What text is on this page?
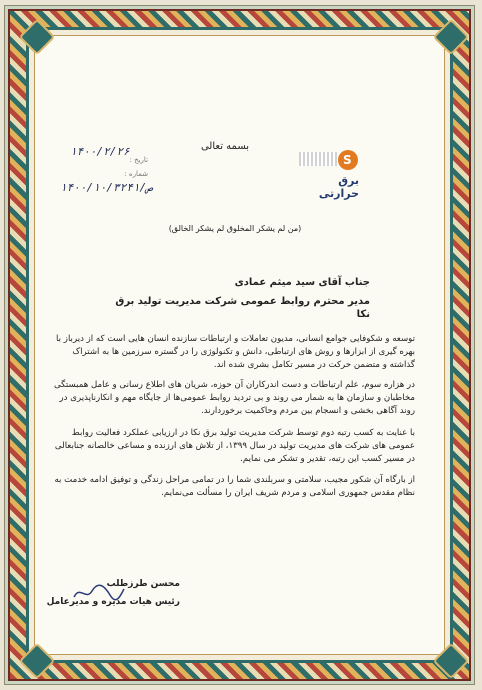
بسمه تعالی
۱۴۰۰/۲/۲۶
تاریخ :
شماره :
۱۴۰۰/ص/۱۰/۳۲۴۱
S
برق حرارتی
(من لم یشکر المخلوق لم یشکر الخالق)
جناب آقای سید میثم عمادی
مدیر محترم روابط عمومی شرکت مدیریت تولید برق نکا
توسعه و شکوفایی جوامع انسانی، مدیون تعاملات و ارتباطات سازنده انسان هایی است که از دیرباز با بهره گیری از ابزارها و روش های ارتباطی، دانش و تکنولوژی را در گستره سرزمین ها به اشتراک گذاشته و متضمن حرکت در مسیر تکامل بشری شده اند.
در هزاره سوم، علم ارتباطات و دست اندرکاران آن حوزه، شریان های اطلاع رسانی و عامل همبستگی مخاطبان و سازمان ها به شمار می روند و بی تردید روابط عمومی‌ها از جایگاه مهم و انکارناپذیری در روند آگاهی بخشی و انسجام بین مردم وحاکمیت برخوردارند.
با عنایت به کسب رتبه دوم توسط شرکت مدیریت تولید برق نکا در ارزیابی عملکرد فعالیت روابط عمومی های شرکت های مدیریت تولید در سال ۱۳۹۹، از تلاش های ارزنده و مساعی خالصانه جنابعالی در مسیر کسب این رتبه، تقدیر و تشکر می نمایم.
از بارگاه آن شکور مجیب، سلامتی و سربلندی شما را در تمامی مراحل زندگی و توفیق ادامه خدمت به نظام مقدس جمهوری اسلامی و مردم شریف ایران را مسألت می‌نمایم.
محسن طرزطلب
رئیس هیات مدیره و مدیرعامل
